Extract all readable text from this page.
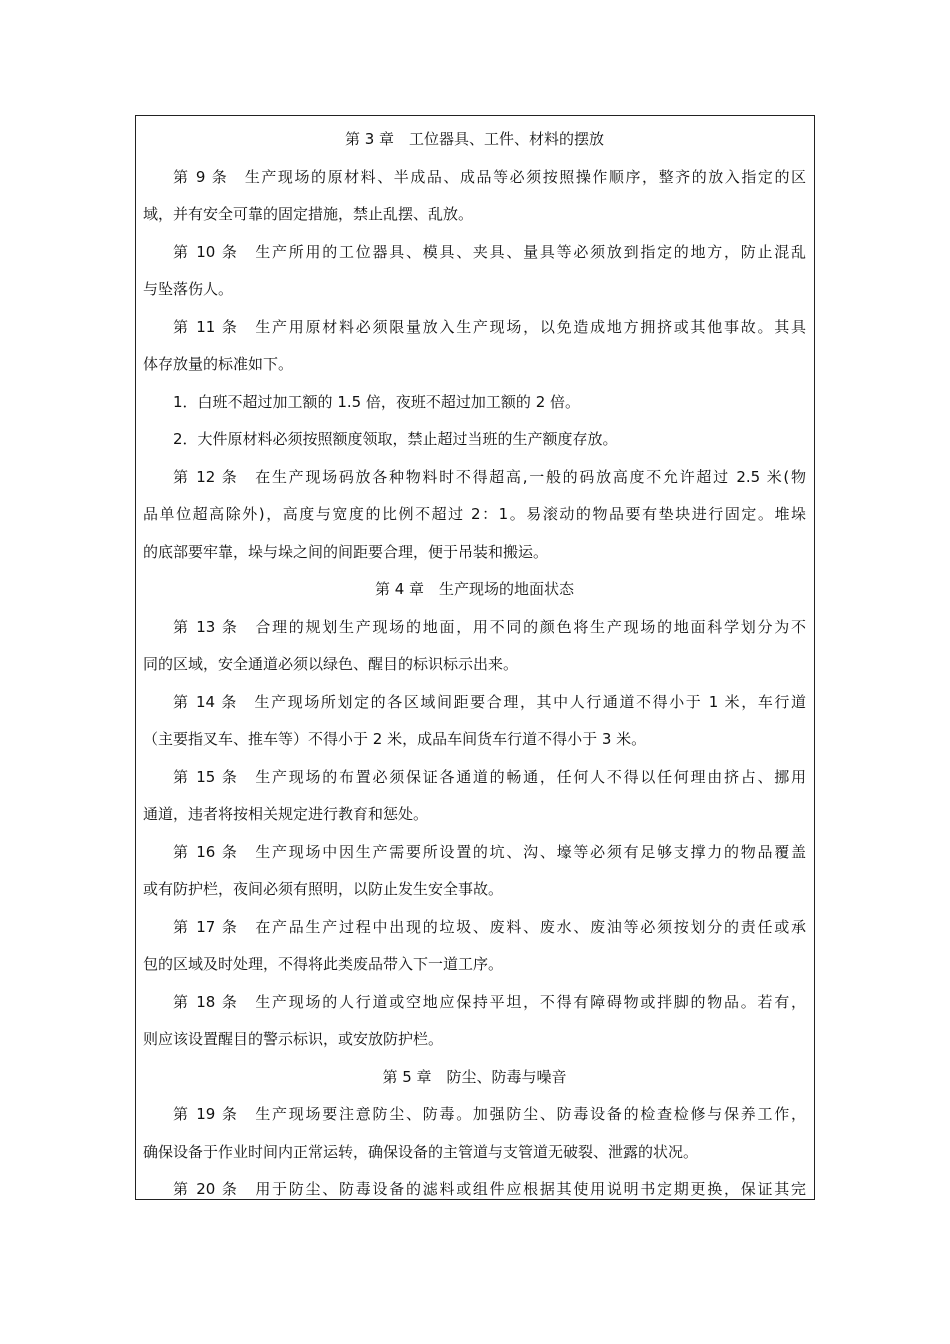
第 3 章　工位器具、工件、材料的摆放
第 9 条　生产现场的原材料、半成品、成品等必须按照操作顺序，整齐的放入指定的区
域，并有安全可靠的固定措施，禁止乱摆、乱放。
第 10 条　生产所用的工位器具、模具、夹具、量具等必须放到指定的地方，防止混乱
与坠落伤人。
第 11 条　生产用原材料必须限量放入生产现场，以免造成地方拥挤或其他事故。其具
体存放量的标准如下。
1．白班不超过加工额的 1.5 倍，夜班不超过加工额的 2 倍。
2．大件原材料必须按照额度领取，禁止超过当班的生产额度存放。
第 12 条　在生产现场码放各种物料时不得超高,一般的码放高度不允许超过 2.5 米(物
品单位超高除外)，高度与宽度的比例不超过 2：1。易滚动的物品要有垫块进行固定。堆垛
的底部要牢靠，垛与垛之间的间距要合理，便于吊装和搬运。
第 4 章　生产现场的地面状态
第 13 条　合理的规划生产现场的地面，用不同的颜色将生产现场的地面科学划分为不
同的区域，安全通道必须以绿色、醒目的标识标示出来。
第 14 条　生产现场所划定的各区域间距要合理，其中人行通道不得小于 1 米，车行道
（主要指叉车、推车等）不得小于 2 米，成品车间货车行道不得小于 3 米。
第 15 条　生产现场的布置必须保证各通道的畅通，任何人不得以任何理由挤占、挪用
通道，违者将按相关规定进行教育和惩处。
第 16 条　生产现场中因生产需要所设置的坑、沟、壕等必须有足够支撑力的物品覆盖
或有防护栏，夜间必须有照明，以防止发生安全事故。
第 17 条　在产品生产过程中出现的垃圾、废料、废水、废油等必须按划分的责任或承
包的区域及时处理，不得将此类废品带入下一道工序。
第 18 条　生产现场的人行道或空地应保持平坦，不得有障碍物或拌脚的物品。若有，
则应该设置醒目的警示标识，或安放防护栏。
第 5 章　防尘、防毒与噪音
第 19 条　生产现场要注意防尘、防毒。加强防尘、防毒设备的检查检修与保养工作，
确保设备于作业时间内正常运转，确保设备的主管道与支管道无破裂、泄露的状况。
第 20 条　用于防尘、防毒设备的滤料或组件应根据其使用说明书定期更换，保证其完
